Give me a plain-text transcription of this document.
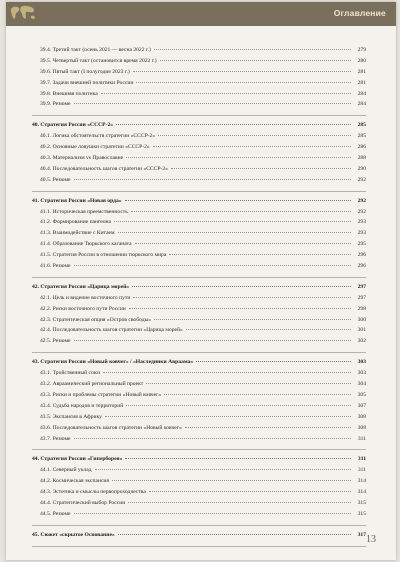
Оглавление
39.4. Третий такт (осень 2021 — весна 2022 г.)	279
39.5. Четвертый такт (остановится время 2022 г.)	280
39.6. Пятый такт (I полугодие 2023 г.)	281
39.7. Задачи внешней политики России	281
39.8. Внешняя политика	284
39.9. Резюме	284
40. Стратегия России «СССР-2»	285
40.1. Логика обстоятельств стратегии «СССР-2»	285
40.2. Основные ловушки стратегии «СССР-2»	286
40.3. Материализм vs Православие	288
40.4. Последовательность шагов стратегии «СССР-2»	290
40.5. Резюме	292
41. Стратегия России «Новая орда»	292
41.1. Историческая преемственность	292
41.2. Формирование пангеона	293
41.3. Взаимодействие с Китаем	293
41.4. Образование Тюркского каганата	295
41.5. Стратегия России в отношении тюркского мира	296
41.6. Резюме	296
42. Стратегия России «Царица морей»	297
42.1. Цель и видение восточного пути	297
42.2. Риски восточного пути России	298
42.3. Стратегическая опция «Остров свободы»	300
42.4. Последовательность шагов стратегии «Царица морей»	301
42.5. Резюме	302
43. Стратегия России «Новый ковчег» / «Наследники Авраама»	303
43.1. Тройственный союз	303
43.2. Авраамический региональный проект	304
43.3. Риски и проблемы стратегии «Новый ковчег»	305
43.4. Судьба народов и территорий	307
43.5. Экспансия в Африку	308
43.6. Последовательность шагов стратегии «Новый ковчег»	308
43.7. Резюме	311
44. Стратегия России «Гиперборея»	311
44.1. Северный уклад	311
44.2. Космическая экспансия	314
44.3. Эстетика и смыслы первопроходчества	314
44.4. Стратегический выбор России	315
44.5. Резюме	315
45. Сюжет «скрытое Основание»	317 13
